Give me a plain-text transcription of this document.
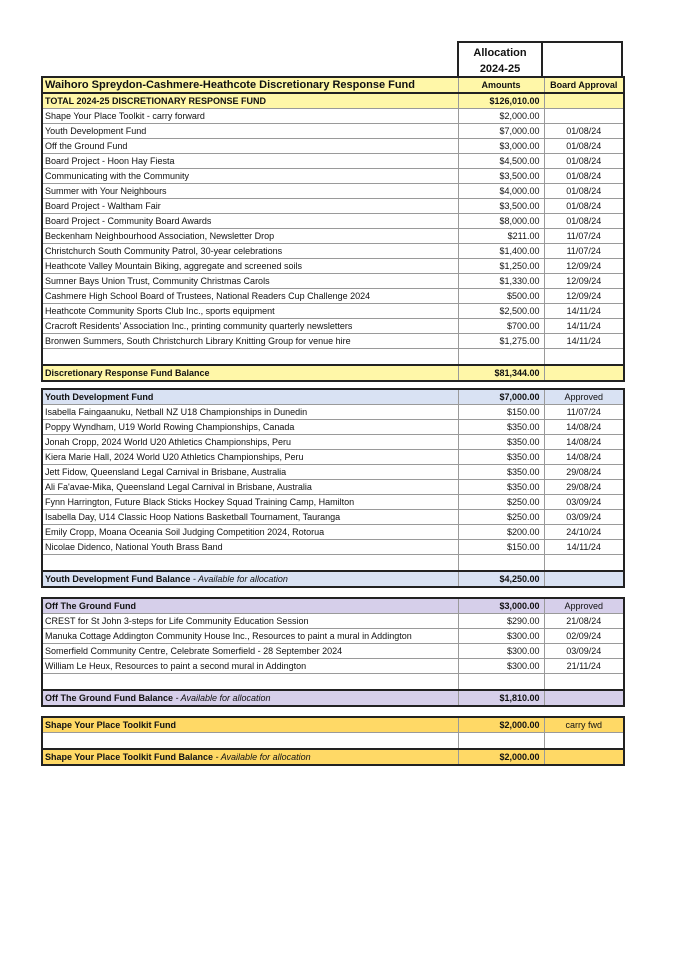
Allocation
2024-25
Waihoro Spreydon-Cashmere-Heathcote Discretionary Response Fund	Amounts	Board Approval
TOTAL 2024-25 DISCRETIONARY RESPONSE FUND	$126,010.00	
Shape Your Place Toolkit - carry forward	$2,000.00	
Youth Development Fund	$7,000.00	01/08/24
Off the Ground Fund	$3,000.00	01/08/24
Board Project - Hoon Hay Fiesta	$4,500.00	01/08/24
Communicating with the Community	$3,500.00	01/08/24
Summer with Your Neighbours	$4,000.00	01/08/24
Board Project - Waltham Fair	$3,500.00	01/08/24
Board Project - Community Board Awards	$8,000.00	01/08/24
Beckenham Neighbourhood Association, Newsletter Drop	$211.00	11/07/24
Christchurch South Community Patrol, 30-year celebrations	$1,400.00	11/07/24
Heathcote Valley Mountain Biking, aggregate and screened soils	$1,250.00	12/09/24
Sumner Bays Union Trust, Community Christmas Carols	$1,330.00	12/09/24
Cashmere High School Board of Trustees, National Readers Cup Challenge 2024	$500.00	12/09/24
Heathcote Community Sports Club Inc., sports equipment	$2,500.00	14/11/24
Cracroft Residents' Association Inc., printing community quarterly newsletters	$700.00	14/11/24
Bronwen Summers, South Christchurch Library Knitting Group for venue hire	$1,275.00	14/11/24

Discretionary Response Fund Balance	$81,344.00	
Youth Development Fund	$7,000.00	Approved
Isabella Faingaanuku, Netball NZ U18 Championships in Dunedin	$150.00	11/07/24
Poppy Wyndham, U19 World Rowing Championships, Canada	$350.00	14/08/24
Jonah Cropp, 2024 World U20 Athletics Championships, Peru	$350.00	14/08/24
Kiera Marie Hall, 2024 World U20 Athletics Championships, Peru	$350.00	14/08/24
Jett Fidow, Queensland Legal Carnival in Brisbane, Australia	$350.00	29/08/24
Ali Fa'avae-Mika, Queensland Legal Carnival in Brisbane, Australia	$350.00	29/08/24
Fynn Harrington, Future Black Sticks Hockey Squad Training Camp, Hamilton	$250.00	03/09/24
Isabella Day, U14 Classic Hoop Nations Basketball Tournament, Tauranga	$250.00	03/09/24
Emily Cropp, Moana Oceania Soil Judging Competition 2024, Rotorua	$200.00	24/10/24
Nicolae Didenco, National Youth Brass Band	$150.00	14/11/24

Youth Development Fund Balance - Available for allocation	$4,250.00	
Off The Ground Fund	$3,000.00	Approved
CREST for St John 3-steps for Life Community Education Session	$290.00	21/08/24
Manuka Cottage Addington Community House Inc., Resources to paint a mural in Addington	$300.00	02/09/24
Somerfield Community Centre, Celebrate Somerfield - 28 September 2024	$300.00	03/09/24
William Le Heux, Resources to paint a second mural in Addington	$300.00	21/11/24

Off The Ground Fund Balance - Available for allocation	$1,810.00	
Shape Your Place Toolkit Fund	$2,000.00	carry fwd

Shape Your Place Toolkit Fund Balance - Available for allocation	$2,000.00	
